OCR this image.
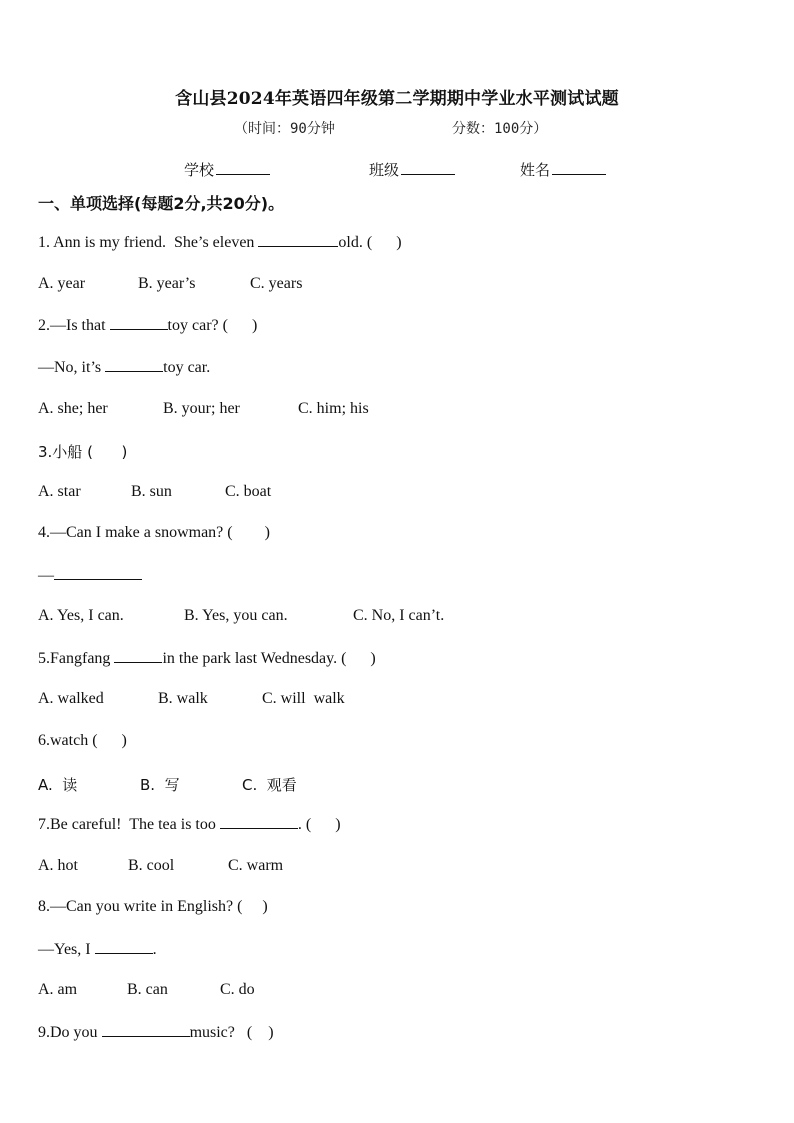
含山县2024年英语四年级第二学期期中学业水平测试试题
（时间：90分钟	分数：100分）
学校	班级	姓名
一、单项选择(每题2分,共20分)。
1. Ann is my friend.  She’s eleven	old. (      )
A. year	B. year’s	C. years
2.—Is that	toy car? (      )
—No, it’s	toy car.
A. she; her	B. your; her	C. him; his
3.小船 (      )
A. star	B. sun	C. boat
4.—Can I make a snowman? (        )
—
A. Yes, I can.	B. Yes, you can.	C. No, I can’t.
5.Fangfang	in the park last Wednesday. (      )
A. walked	B. walk	C. will  walk
6.watch (      )
A.  读	B.  写	C.  观看
7.Be careful!  The tea is too	. (      )
A. hot	B. cool	C. warm
8.—Can you write in English? (     )
—Yes, I	.
A. am	B. can	C. do
9.Do you	music?   (    )
